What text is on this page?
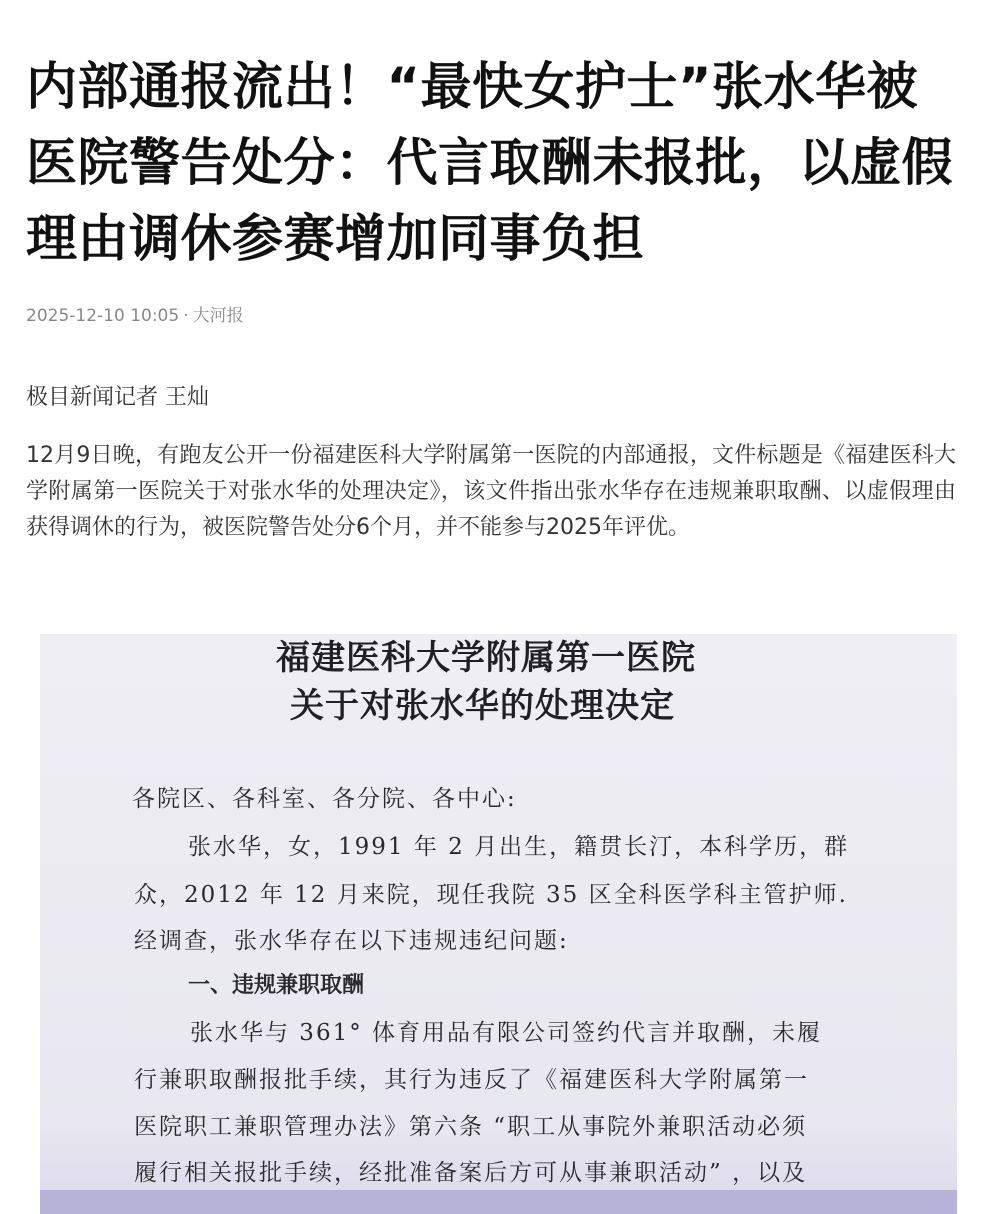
内部通报流出！“最快女护士”张水华被医院警告处分：代言取酬未报批，以虚假理由调休参赛增加同事负担
2025-12-10 10:05 · 大河报
极目新闻记者 王灿

12月9日晚，有跑友公开一份福建医科大学附属第一医院的内部通报，文件标题是《福建医科大学附属第一医院关于对张水华的处理决定》，该文件指出张水华存在违规兼职取酬、以虚假理由获得调休的行为，被医院警告处分6个月，并不能参与2025年评优。

福建医科大学附属第一医院
关于对张水华的处理决定
各院区、各科室、各分院、各中心:
张水华，女，1991 年 2 月出生，籍贯长汀，本科学历，群
众，2012 年 12 月来院，现任我院 35 区全科医学科主管护师.
经调查，张水华存在以下违规违纪问题:
一、违规兼职取酬
张水华与 361° 体育用品有限公司签约代言并取酬，未履
行兼职取酬报批手续，其行为违反了《福建医科大学附属第一
医院职工兼职管理办法》第六条 “职工从事院外兼职活动必须
履行相关报批手续，经批准备案后方可从事兼职活动” ，以及
